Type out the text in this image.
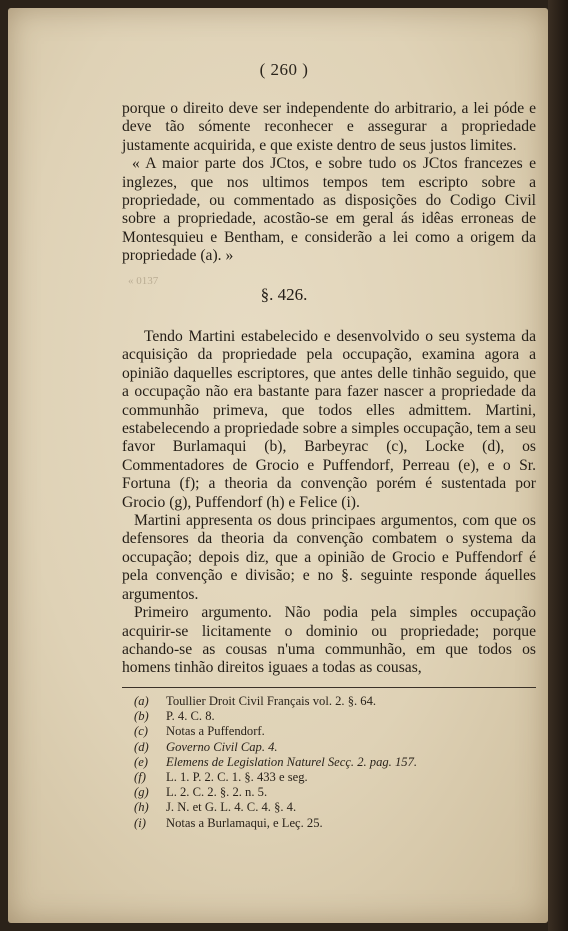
( 260 )

porque o direito deve ser independente do arbitrario, a lei póde e deve tão sómente reconhecer e assegurar a propriedade justamente acquirida, e que existe dentro de seus justos limites.

« A maior parte dos JCtos, e sobre tudo os JCtos francezes e inglezes, que nos ultimos tempos tem escripto sobre a propriedade, ou commentado as disposições do Codigo Civil sobre a propriedade, acostão-se em geral ás idêas erroneas de Montesquieu e Bentham, e considerão a lei como a origem da propriedade (a). »

« 0137
§. 426.

Tendo Martini estabelecido e desenvolvido o seu systema da acquisição da propriedade pela occupação, examina agora a opinião daquelles escriptores, que antes delle tinhão seguido, que a occupação não era bastante para fazer nascer a propriedade da communhão primeva, que todos elles admittem. Martini, estabelecendo a propriedade sobre a simples occupação, tem a seu favor Burlamaqui (b), Barbeyrac (c), Locke (d), os Commentadores de Grocio e Puffendorf, Perreau (e), e o Sr. Fortuna (f); a theoria da convenção porém é sustentada por Grocio (g), Puffendorf (h) e Felice (i).

Martini appresenta os dous principaes argumentos, com que os defensores da theoria da convenção combatem o systema da occupação; depois diz, que a opinião de Grocio e Puffendorf é pela convenção e divisão; e no §. seguinte responde áquelles argumentos.

Primeiro argumento. Não podia pela simples occupação acquirir-se licitamente o dominio ou propriedade; porque achando-se as cousas n'uma communhão, em que todos os homens tinhão direitos iguaes a todas as cousas,

(a)	Toullier Droit Civil Français vol. 2. §. 64.
(b)	P. 4. C. 8.
(c)	Notas a Puffendorf.
(d)	Governo Civil Cap. 4.
(e)	Elemens de Legislation Naturel Secç. 2. pag. 157.
(f)	L. 1. P. 2. C. 1. §. 433 e seg.
(g)	L. 2. C. 2. §. 2. n. 5.
(h)	J. N. et G. L. 4. C. 4. §. 4.
(i)	Notas a Burlamaqui, e Leç. 25.
